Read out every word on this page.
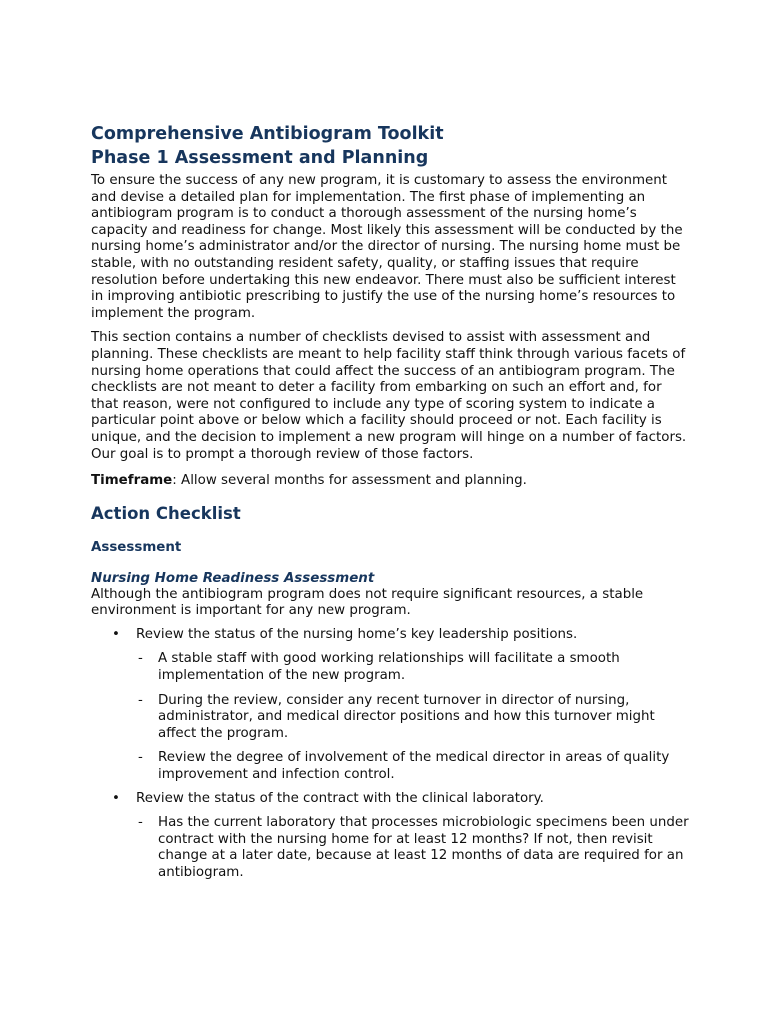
Comprehensive Antibiogram Toolkit
Phase 1 Assessment and Planning

To ensure the success of any new program, it is customary to assess the environment and devise a detailed plan for implementation. The first phase of implementing an antibiogram program is to conduct a thorough assessment of the nursing home’s capacity and readiness for change. Most likely this assessment will be conducted by the nursing home’s administrator and/or the director of nursing. The nursing home must be stable, with no outstanding resident safety, quality, or staffing issues that require resolution before undertaking this new endeavor. There must also be sufficient interest in improving antibiotic prescribing to justify the use of the nursing home’s resources to implement the program.

This section contains a number of checklists devised to assist with assessment and planning. These checklists are meant to help facility staff think through various facets of nursing home operations that could affect the success of an antibiogram program. The checklists are not meant to deter a facility from embarking on such an effort and, for that reason, were not configured to include any type of scoring system to indicate a particular point above or below which a facility should proceed or not. Each facility is unique, and the decision to implement a new program will hinge on a number of factors. Our goal is to prompt a thorough review of those factors.

Timeframe: Allow several months for assessment and planning.

Action Checklist
Assessment
Nursing Home Readiness Assessment

Although the antibiogram program does not require significant resources, a stable environment is important for any new program.

• Review the status of the nursing home’s key leadership positions.
- A stable staff with good working relationships will facilitate a smooth implementation of the new program.
- During the review, consider any recent turnover in director of nursing, administrator, and medical director positions and how this turnover might affect the program.
- Review the degree of involvement of the medical director in areas of quality improvement and infection control.
• Review the status of the contract with the clinical laboratory.
- Has the current laboratory that processes microbiologic specimens been under contract with the nursing home for at least 12 months? If not, then revisit change at a later date, because at least 12 months of data are required for an antibiogram.
